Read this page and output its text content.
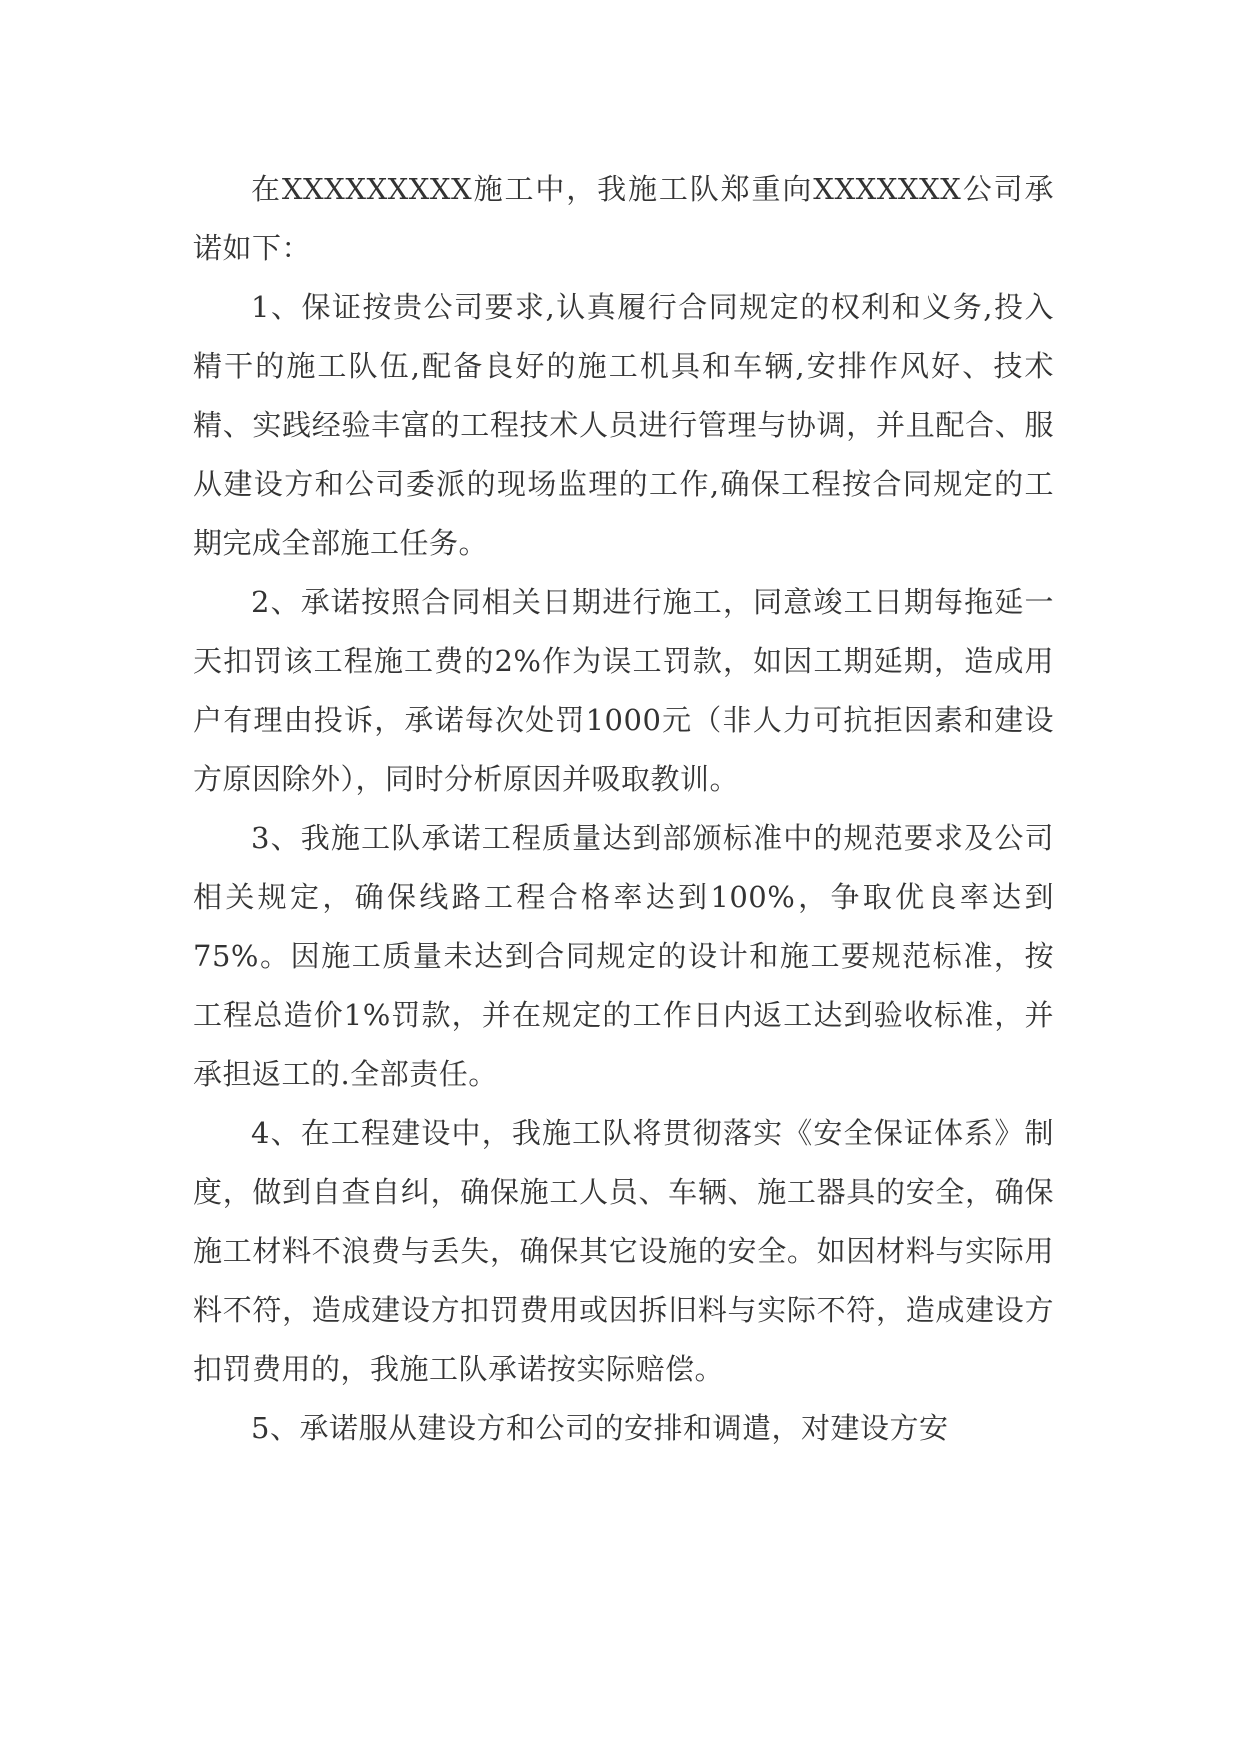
在XXXXXXXXX施工中，我施工队郑重向XXXXXXX公司承诺如下：

1、保证按贵公司要求,认真履行合同规定的权利和义务,投入精干的施工队伍,配备良好的施工机具和车辆,安排作风好、技术精、实践经验丰富的工程技术人员进行管理与协调，并且配合、服从建设方和公司委派的现场监理的工作,确保工程按合同规定的工期完成全部施工任务。

2、承诺按照合同相关日期进行施工，同意竣工日期每拖延一天扣罚该工程施工费的2%作为误工罚款，如因工期延期，造成用户有理由投诉，承诺每次处罚1000元（非人力可抗拒因素和建设方原因除外），同时分析原因并吸取教训。

3、我施工队承诺工程质量达到部颁标准中的规范要求及公司相关规定，确保线路工程合格率达到100%，争取优良率达到75%。因施工质量未达到合同规定的设计和施工要规范标准，按工程总造价1%罚款，并在规定的工作日内返工达到验收标准，并承担返工的.全部责任。

4、在工程建设中，我施工队将贯彻落实《安全保证体系》制度，做到自查自纠，确保施工人员、车辆、施工器具的安全，确保施工材料不浪费与丢失，确保其它设施的安全。如因材料与实际用料不符，造成建设方扣罚费用或因拆旧料与实际不符，造成建设方扣罚费用的，我施工队承诺按实际赔偿。

5、承诺服从建设方和公司的安排和调遣，对建设方安
